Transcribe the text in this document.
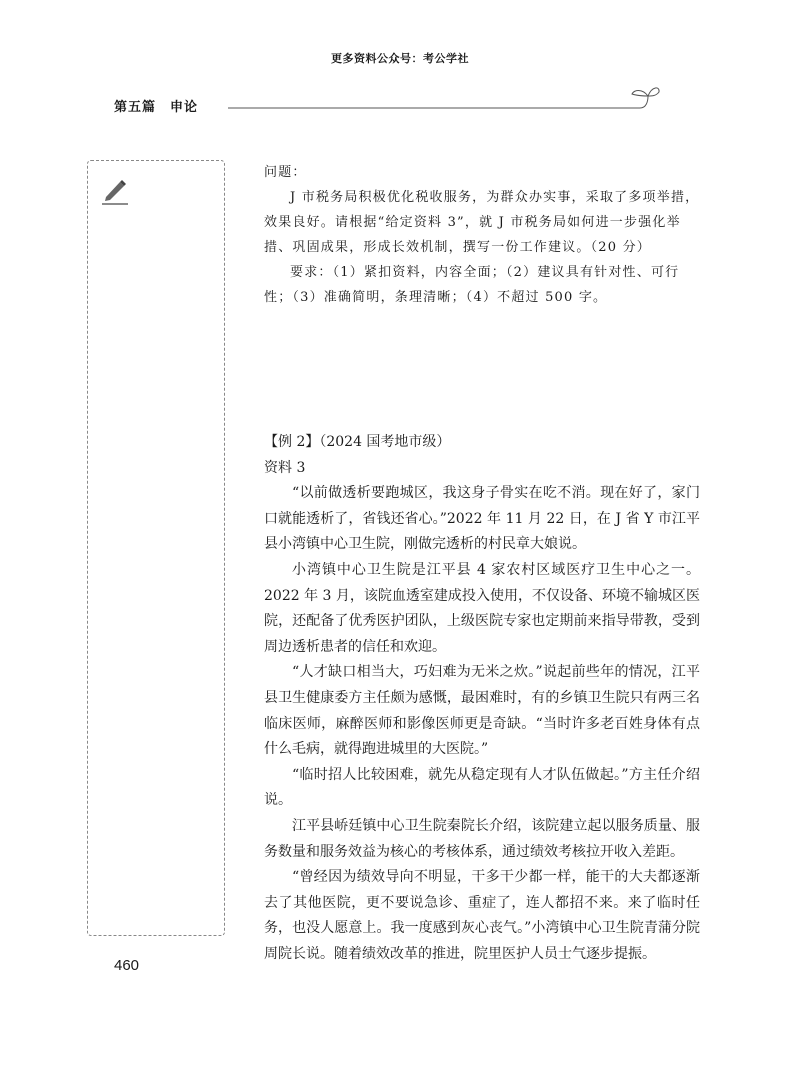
更多资料公众号：考公学社
第五篇　申论

问题：

J 市税务局积极优化税收服务，为群众办实事，采取了多项举措，效果良好。请根据“给定资料 3”，就 J 市税务局如何进一步强化举措、巩固成果，形成长效机制，撰写一份工作建议。（20 分）

要求：（1）紧扣资料，内容全面；（2）建议具有针对性、可行性；（3）准确简明，条理清晰；（4）不超过 500 字。

【例 2】（2024 国考地市级）

资料 3

“以前做透析要跑城区，我这身子骨实在吃不消。现在好了，家门口就能透析了，省钱还省心。”2022 年 11 月 22 日，在 J 省 Y 市江平县小湾镇中心卫生院，刚做完透析的村民章大娘说。

小湾镇中心卫生院是江平县 4 家农村区域医疗卫生中心之一。2022 年 3 月，该院血透室建成投入使用，不仅设备、环境不输城区医院，还配备了优秀医护团队，上级医院专家也定期前来指导带教，受到周边透析患者的信任和欢迎。

“人才缺口相当大，巧妇难为无米之炊。”说起前些年的情况，江平县卫生健康委方主任颇为感慨，最困难时，有的乡镇卫生院只有两三名临床医师，麻醉医师和影像医师更是奇缺。“当时许多老百姓身体有点什么毛病，就得跑进城里的大医院。”

“临时招人比较困难，就先从稳定现有人才队伍做起。”方主任介绍说。

江平县峤廷镇中心卫生院秦院长介绍，该院建立起以服务质量、服务数量和服务效益为核心的考核体系，通过绩效考核拉开收入差距。

“曾经因为绩效导向不明显，干多干少都一样，能干的大夫都逐渐去了其他医院，更不要说急诊、重症了，连人都招不来。来了临时任务，也没人愿意上。我一度感到灰心丧气。”小湾镇中心卫生院青蒲分院周院长说。随着绩效改革的推进，院里医护人员士气逐步提振。

460
